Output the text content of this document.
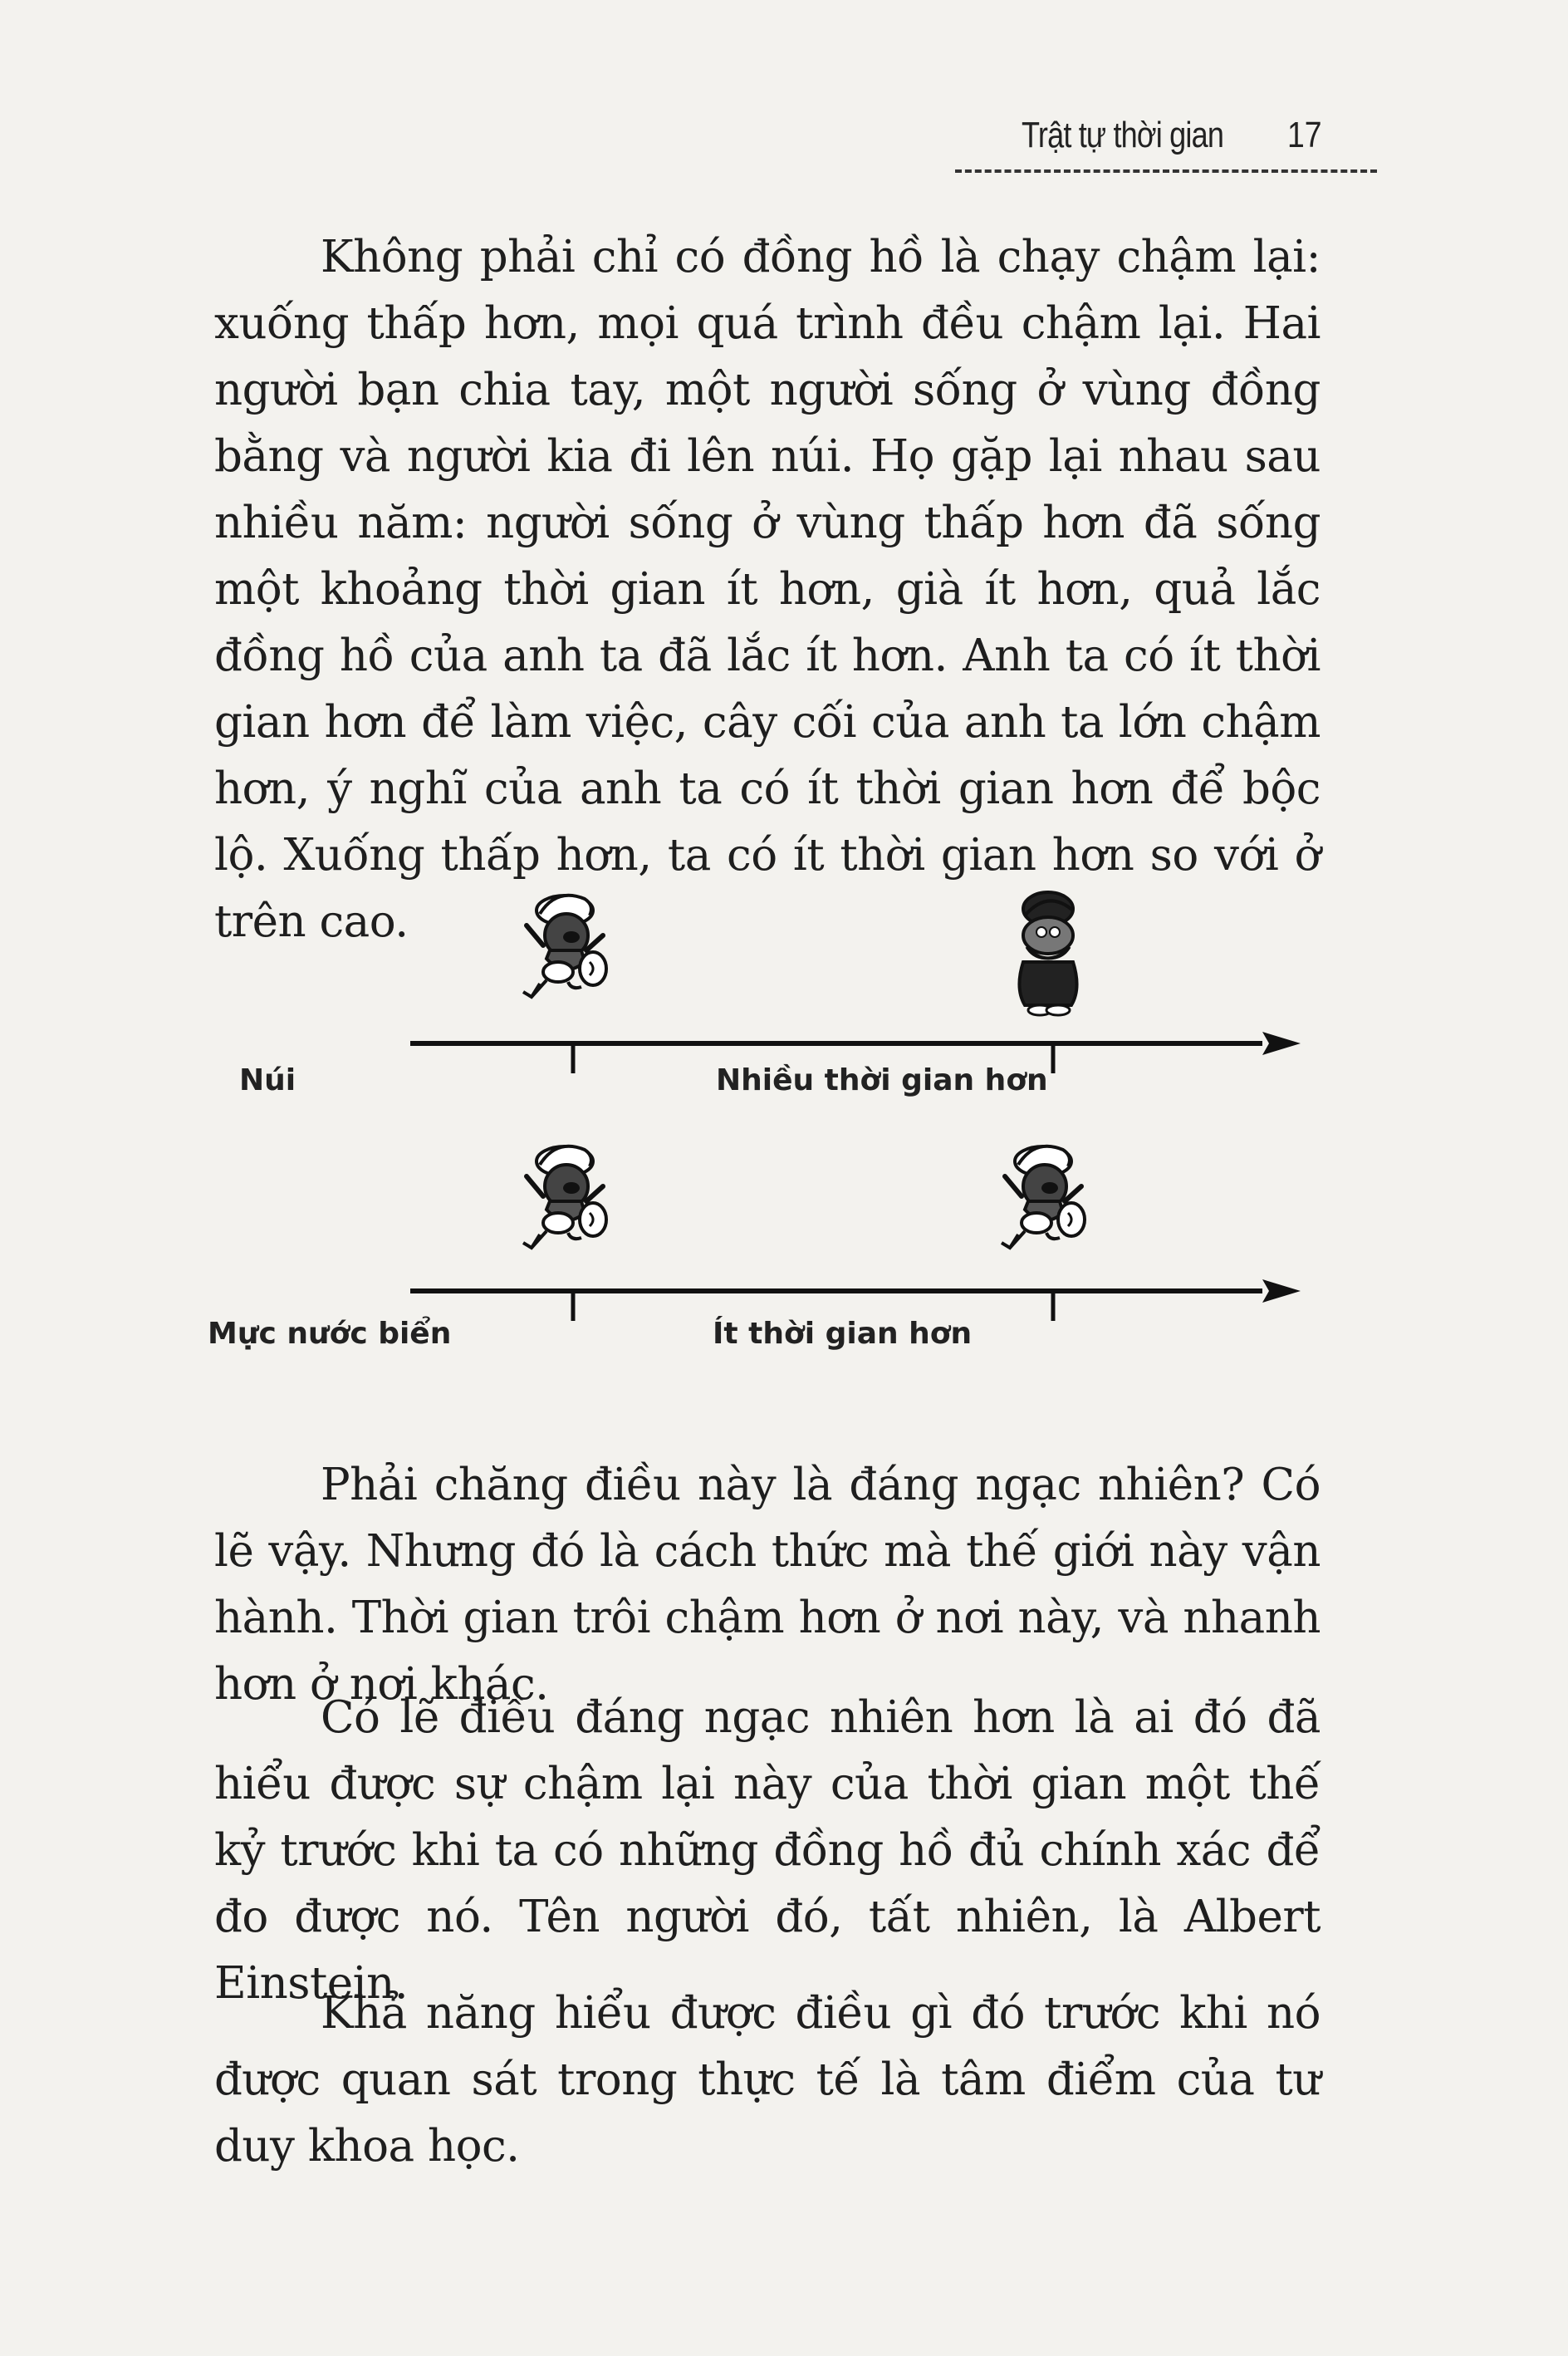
Trật tự thời gian 17

Không phải chỉ có đồng hồ là chạy chậm lại: xuống thấp hơn, mọi quá trình đều chậm lại. Hai người bạn chia tay, một người sống ở vùng đồng bằng và người kia đi lên núi. Họ gặp lại nhau sau nhiều năm: người sống ở vùng thấp hơn đã sống một khoảng thời gian ít hơn, già ít hơn, quả lắc đồng hồ của anh ta đã lắc ít hơn. Anh ta có ít thời gian hơn để làm việc, cây cối của anh ta lớn chậm hơn, ý nghĩ của anh ta có ít thời gian hơn để bộc lộ. Xuống thấp hơn, ta có ít thời gian hơn so với ở trên cao.

Núi	Nhiều thời gian hơn
Mực nước biển	Ít thời gian hơn

Phải chăng điều này là đáng ngạc nhiên? Có lẽ vậy. Nhưng đó là cách thức mà thế giới này vận hành. Thời gian trôi chậm hơn ở nơi này, và nhanh hơn ở nơi khác.

Có lẽ điều đáng ngạc nhiên hơn là ai đó đã hiểu được sự chậm lại này của thời gian một thế kỷ trước khi ta có những đồng hồ đủ chính xác để đo được nó. Tên người đó, tất nhiên, là Albert Einstein.

Khả năng hiểu được điều gì đó trước khi nó được quan sát trong thực tế là tâm điểm của tư duy khoa học.
